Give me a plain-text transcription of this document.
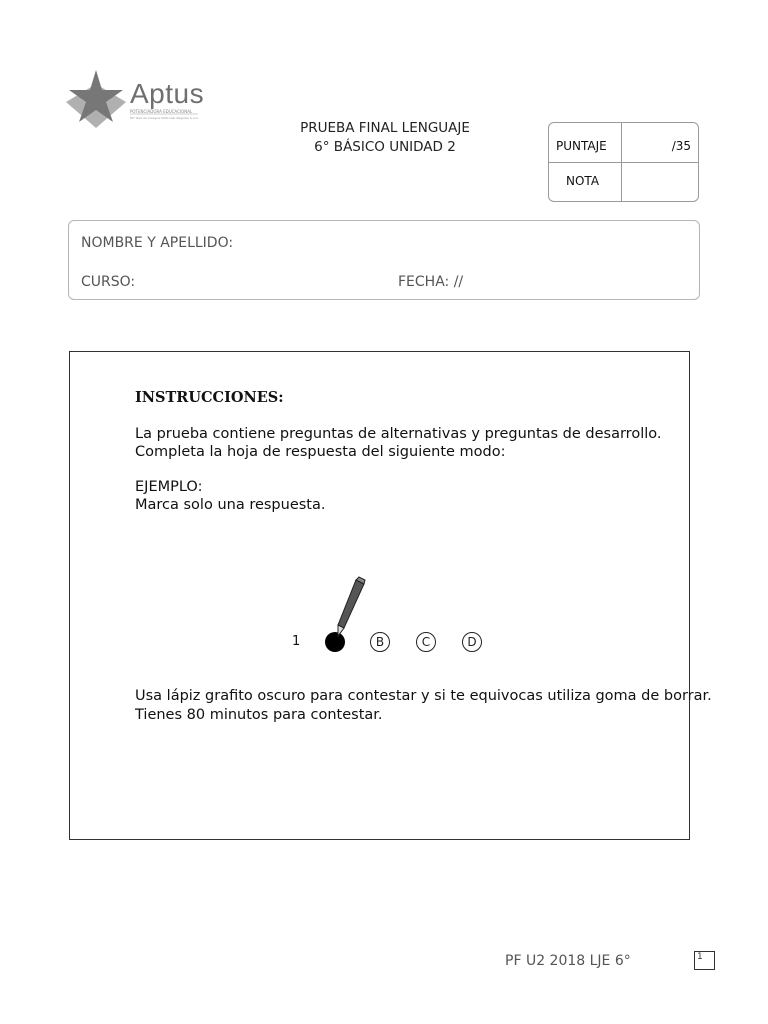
Aptus
POTENCIADORA EDUCACIONAL
80° Red de Colegios Particular Pagados S.A.C.
PRUEBA FINAL LENGUAJE
6° BÁSICO UNIDAD 2	PUNTAJE	/35
NOTA
NOMBRE Y APELLIDO:
CURSO:	FECHA: //
INSTRUCCIONES:
La prueba contiene preguntas de alternativas y preguntas de desarrollo.
Completa la hoja de respuesta del siguiente modo:
EJEMPLO:
Marca solo una respuesta.
1	B	C	D
Usa lápiz grafito oscuro para contestar y si te equivocas utiliza goma de borrar.
Tienes 80 minutos para contestar.
PF U2 2018 LJE 6°	1
